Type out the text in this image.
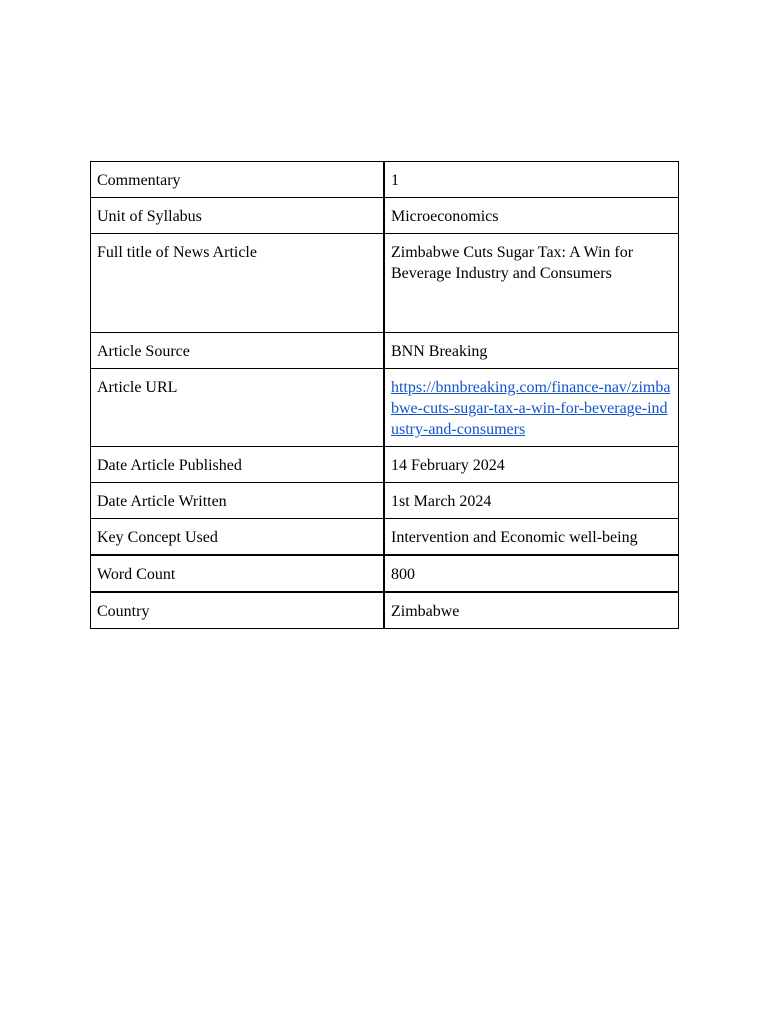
Commentary	1
Unit of Syllabus	Microeconomics
Full title of News Article	Zimbabwe Cuts Sugar Tax: A Win for Beverage Industry and Consumers
Article Source	BNN Breaking
Article URL	https://bnnbreaking.com/finance-nav/zimbabwe-cuts-sugar-tax-a-win-for-beverage-industry-and-consumers
Date Article Published	14 February 2024
Date Article Written	1st March 2024
Key Concept Used	Intervention and Economic well-being
Word Count	800
Country	Zimbabwe
